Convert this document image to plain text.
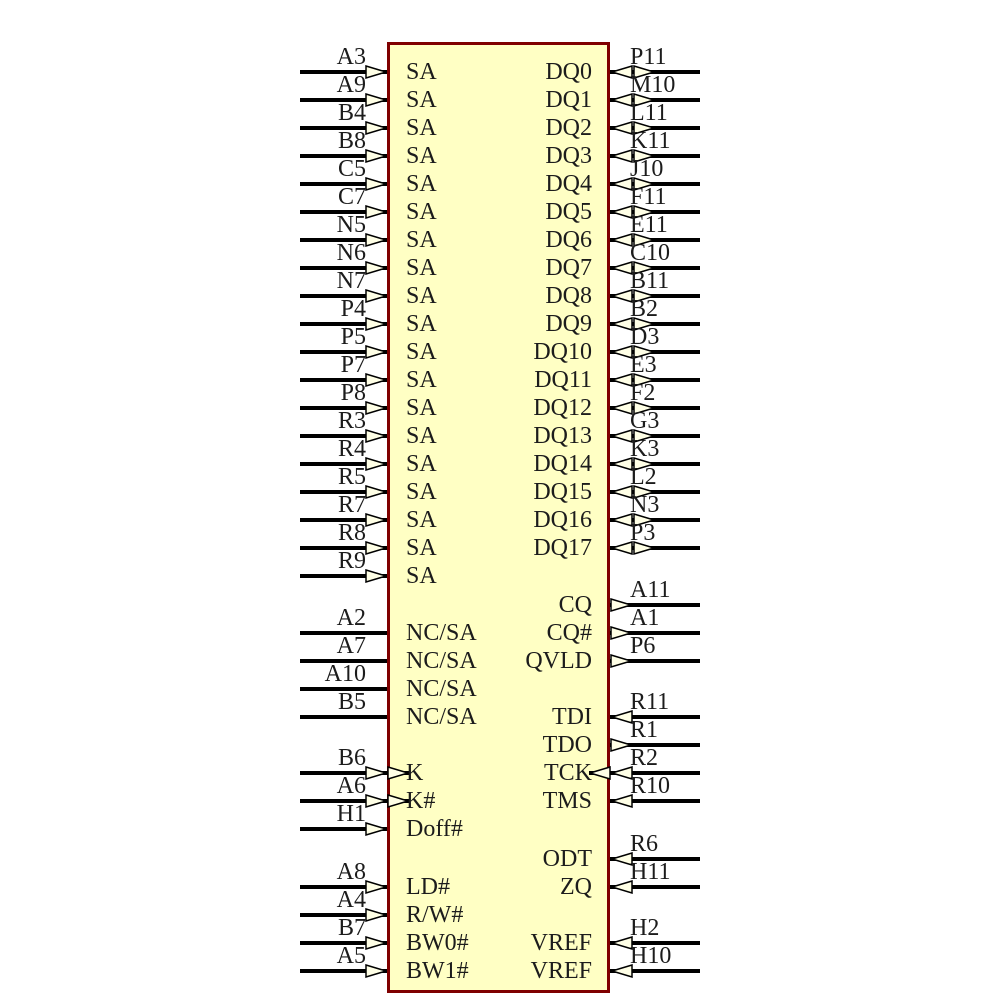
A3
SA
A9
SA
B4
SA
B8
SA
C5
SA
C7
SA
N5
SA
N6
SA
N7
SA
P4
SA
P5
SA
P7
SA
P8
SA
R3
SA
R4
SA
R5
SA
R7
SA
R8
SA
R9
SA
A2
NC/SA
A7
NC/SA
A10
NC/SA
B5
NC/SA
B6
K
A6
K#
H1
Doff#
A8
LD#
A4
R/W#
B7
BW0#
A5
BW1#
P11
DQ0 M10
DQ1 L11
DQ2 K11
DQ3 J10
DQ4 F11
DQ5 E11
DQ6 C10
DQ7 B11
DQ8 B2
DQ9 D3
DQ10 E3
DQ11 F2
DQ12 G3
DQ13 K3
DQ14 L2
DQ15 N3
DQ16 P3
DQ17
A11
CQ A1
CQ# P6
QVLD
R11
TDI R1
TDO R2
TCK R10
TMS
R6
ODT H11
ZQ
H2
VREF H10
VREF
